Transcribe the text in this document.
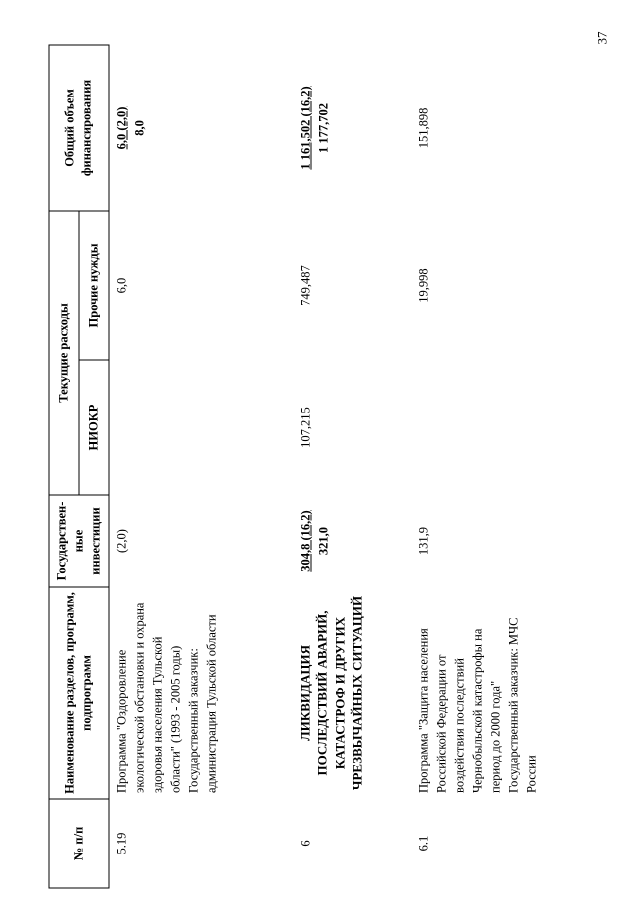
37
№ п/п	Наименование разделов, программ, подпрограмм	Государствен-ные инвестиции	Текущие расходы		Общий объем финансирования
			НИОКР	Прочие нужды	
5.19	Программа "Оздоровление экологической обстановки и охрана здоровья населения Тульской области" (1993 - 2005 годы) Государственный заказчик: администрация Тульской области	(2,0)		6,0	6,0 (2,0) 8,0

6	ЛИКВИДАЦИЯ ПОСЛЕДСТВИЙ АВАРИЙ, КАТАСТРОФ И ДРУГИХ ЧРЕЗВЫЧАЙНЫХ СИТУАЦИЙ	304,8 (16,2) 321,0	107,215	749,487	1 161,502 (16,2) 1 177,702

6.1	Программа "Защита населения Российской Федерации от воздействия последствий Чернобыльской катастрофы на период до 2000 года" Государственный заказчик: МЧС России	131,9		19,998	151,898
